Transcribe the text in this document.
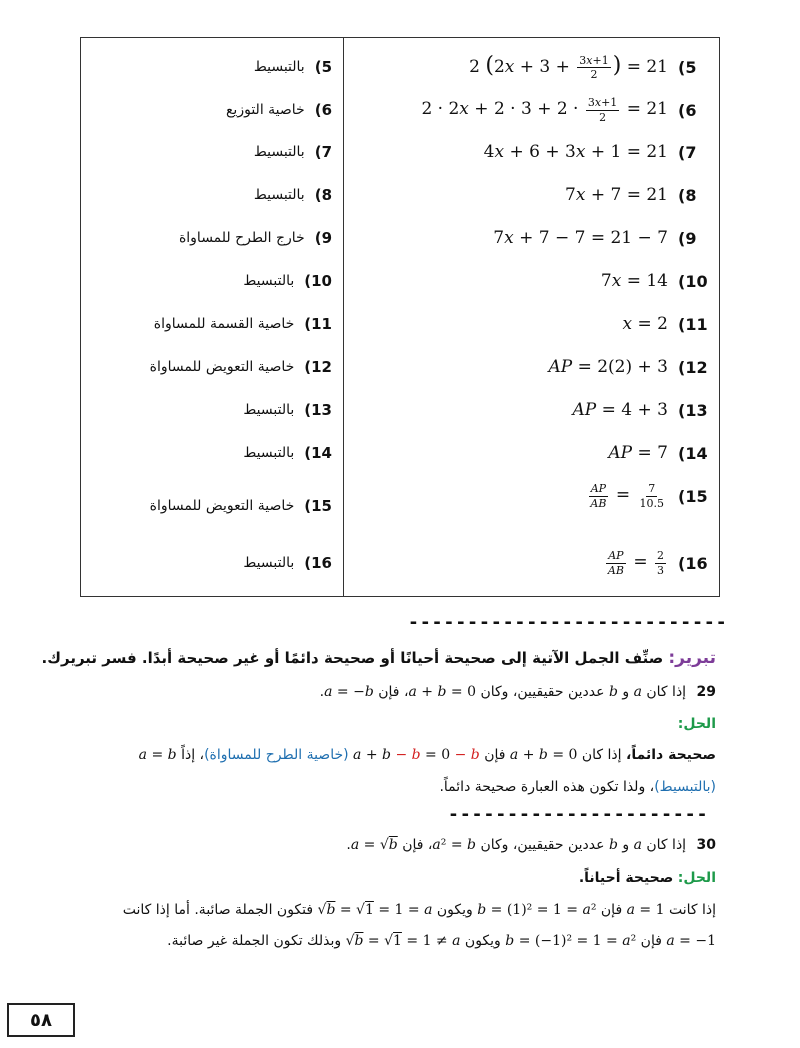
5)
بالتبسيط
6)
خاصية التوزيع
7)
بالتبسيط
8)
بالتبسيط
9)
خارج الطرح للمساواة
10)
بالتبسيط
11)
خاصية القسمة للمساواة
12)
خاصية التعويض للمساواة
13)
بالتبسيط
14)
بالتبسيط
15)
خاصية التعويض للمساواة
16)
بالتبسيط
2 ($2x + 3 + \frac{3x+1}{2}$ ) = 21 (5
$2 \cdot 2x + 2 \cdot 3 + 2 \cdot \frac{3x+1}{2} = 21$ (6
4x + 6 + 3x + 1 = 21 (7
7x + 7 = 21 (8
7x + 7 − 7 = 21 − 7 (9
7x = 14 (10
x = 2 (11
AP = 2(2) + 3 (12
AP = 4 + 3 (13
AP = 7 (14
$\frac{AP}{AB} = \frac{7}{10.5} (15$
$\frac{AP}{AB} = \frac{2}{3} (16$
---------------------------
تبرير: صنِّف الجمل الآتية إلى صحيحة أحيانًا أو صحيحة دائمًا أو غير صحيحة أبدًا. فسر تبريرك.
29 إذا كان a و b عددين حقيقيين، وكان a + b = 0، فإن a = −b.
الحل:
صحيحة دائماً، إذا كان a + b = 0 فإن a + b − b = 0 − b (خاصية الطرح للمساواة)، إذاً a = b
(بالتبسيط)، ولذا تكون هذه العبارة صحيحة دائماً.
----------------------
30 إذا كان a و b عددين حقيقيين، وكان a² = b، فإن a = √b.
الحل: صحيحة أحياناً.
إذا كانت a = 1 فإن b = (1)² = 1 = a² ويكون √b = √1 = 1 = a فتكون الجملة صائبة. أما إذا كانت
a = −1 فإن b = (−1)² = 1 = a² ويكون √b = √1 = 1 ≠ a وبذلك تكون الجملة غير صائبة.
٥٨
